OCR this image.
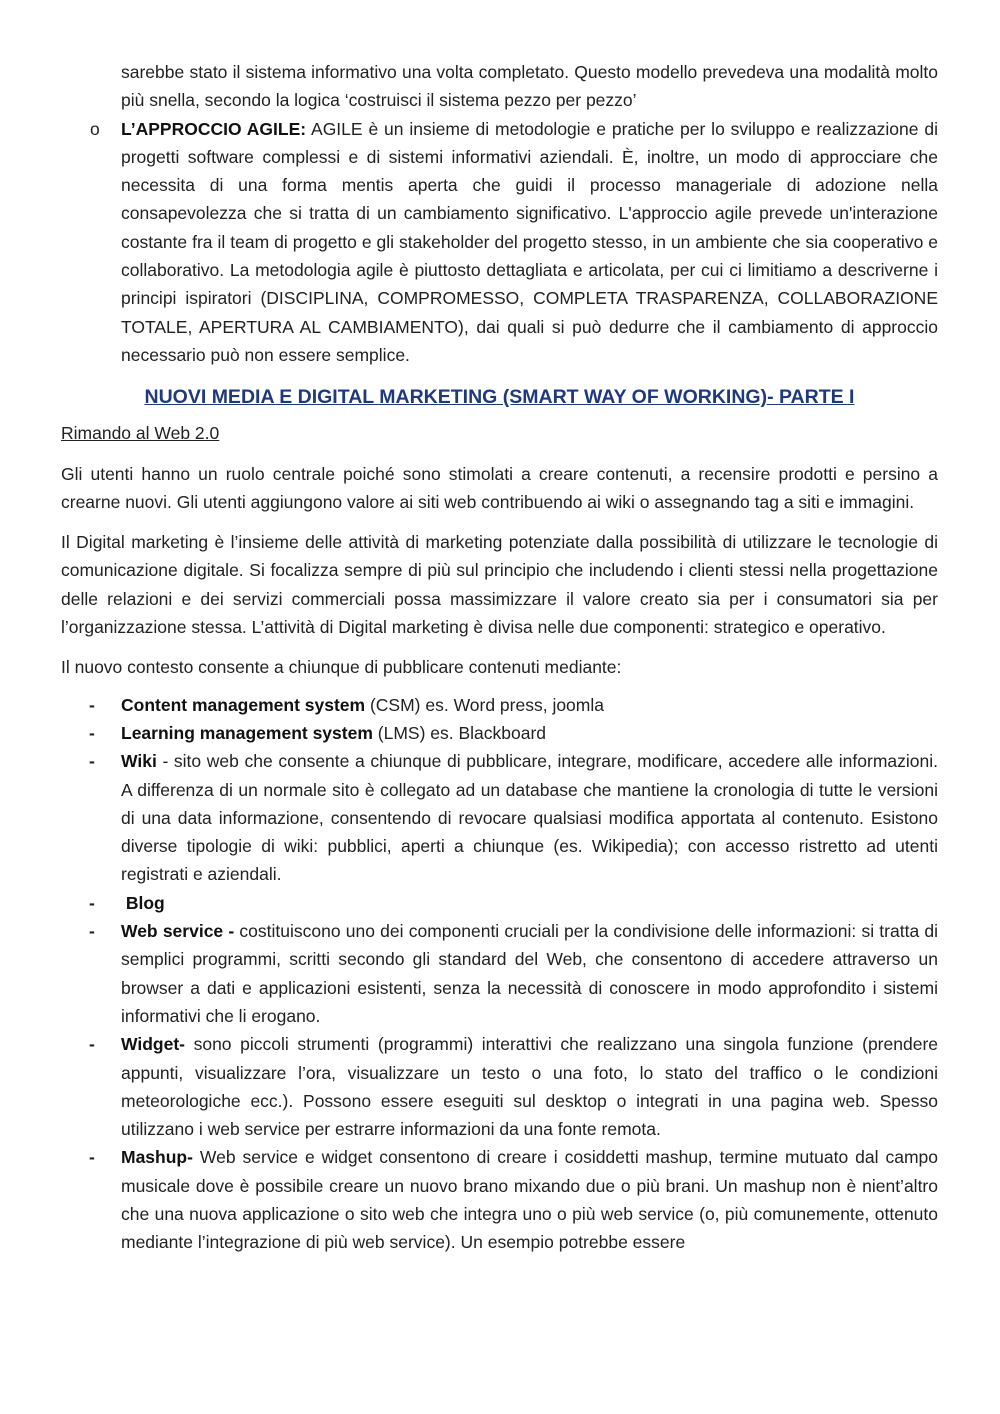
sarebbe stato il sistema informativo una volta completato. Questo modello prevedeva una modalità molto più snella, secondo la logica ‘costruisci il sistema pezzo per pezzo’

o L’APPROCCIO AGILE: AGILE è un insieme di metodologie e pratiche per lo sviluppo e realizzazione di progetti software complessi e di sistemi informativi aziendali. È, inoltre, un modo di approcciare che necessita di una forma mentis aperta che guidi il processo manageriale di adozione nella consapevolezza che si tratta di un cambiamento significativo. L'approccio agile prevede un'interazione costante fra il team di progetto e gli stakeholder del progetto stesso, in un ambiente che sia cooperativo e collaborativo. La metodologia agile è piuttosto dettagliata e articolata, per cui ci limitiamo a descriverne i principi ispiratori (DISCIPLINA, COMPROMESSO, COMPLETA TRASPARENZA, COLLABORAZIONE TOTALE, APERTURA AL CAMBIAMENTO), dai quali si può dedurre che il cambiamento di approccio necessario può non essere semplice.
NUOVI MEDIA E DIGITAL MARKETING (SMART WAY OF WORKING)- PARTE I

Rimando al Web 2.0

Gli utenti hanno un ruolo centrale poiché sono stimolati a creare contenuti, a recensire prodotti e persino a crearne nuovi. Gli utenti aggiungono valore ai siti web contribuendo ai wiki o assegnando tag a siti e immagini.

Il Digital marketing è l’insieme delle attività di marketing potenziate dalla possibilità di utilizzare le tecnologie di comunicazione digitale. Si focalizza sempre di più sul principio che includendo i clienti stessi nella progettazione delle relazioni e dei servizi commerciali possa massimizzare il valore creato sia per i consumatori sia per l’organizzazione stessa. L’attività di Digital marketing è divisa nelle due componenti: strategico e operativo.

Il nuovo contesto consente a chiunque di pubblicare contenuti mediante:

- Content management system (CSM) es. Word press, joomla
- Learning management system (LMS) es. Blackboard
- Wiki - sito web che consente a chiunque di pubblicare, integrare, modificare, accedere alle informazioni. A differenza di un normale sito è collegato ad un database che mantiene la cronologia di tutte le versioni di una data informazione, consentendo di revocare qualsiasi modifica apportata al contenuto. Esistono diverse tipologie di wiki: pubblici, aperti a chiunque (es. Wikipedia); con accesso ristretto ad utenti registrati e aziendali.
- Blog
- Web service - costituiscono uno dei componenti cruciali per la condivisione delle informazioni: si tratta di semplici programmi, scritti secondo gli standard del Web, che consentono di accedere attraverso un browser a dati e applicazioni esistenti, senza la necessità di conoscere in modo approfondito i sistemi informativi che li erogano.
- Widget- sono piccoli strumenti (programmi) interattivi che realizzano una singola funzione (prendere appunti, visualizzare l’ora, visualizzare un testo o una foto, lo stato del traffico o le condizioni meteorologiche ecc.). Possono essere eseguiti sul desktop o integrati in una pagina web. Spesso utilizzano i web service per estrarre informazioni da una fonte remota.
- Mashup- Web service e widget consentono di creare i cosiddetti mashup, termine mutuato dal campo musicale dove è possibile creare un nuovo brano mixando due o più brani. Un mashup non è nient’altro che una nuova applicazione o sito web che integra uno o più web service (o, più comunemente, ottenuto mediante l’integrazione di più web service). Un esempio potrebbe essere
